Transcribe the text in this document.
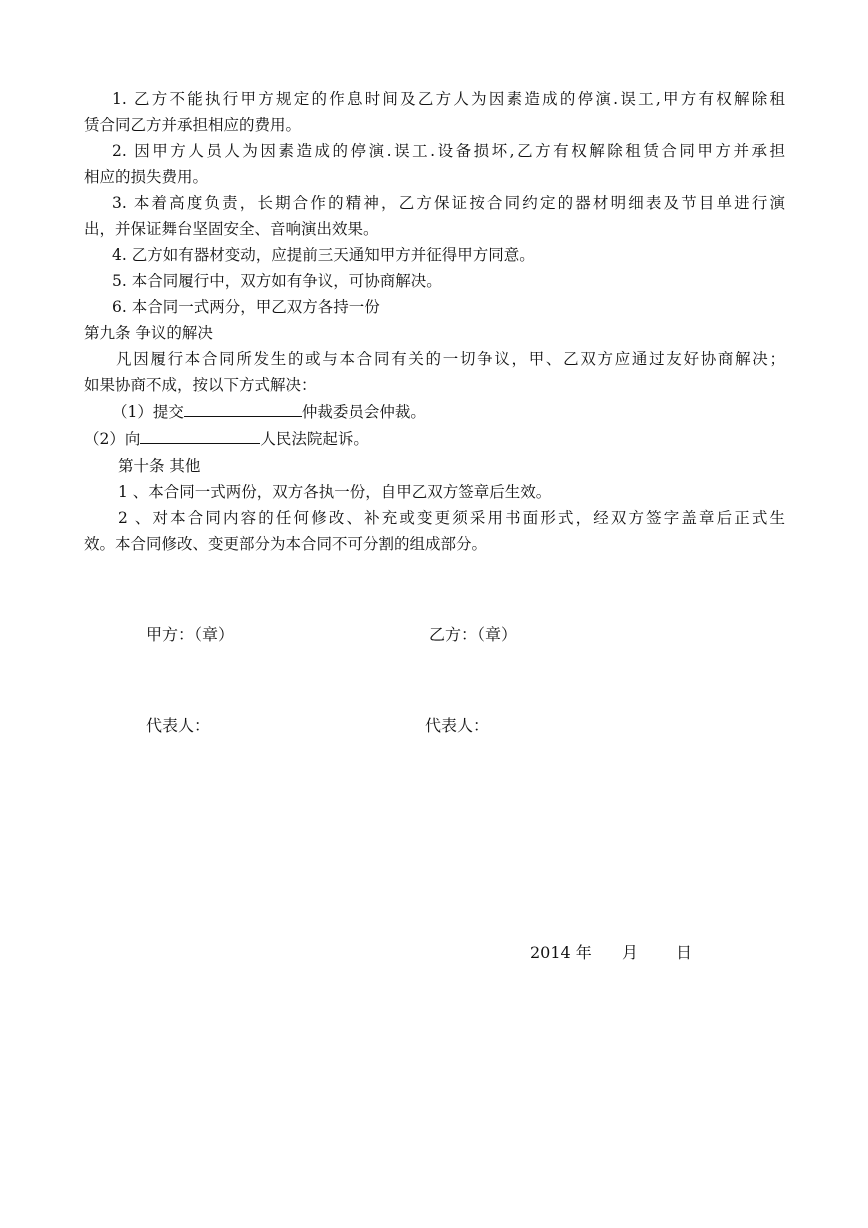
1. 乙方不能执行甲方规定的作息时间及乙方人为因素造成的停演.误工,甲方有权解除租
赁合同乙方并承担相应的费用。
2. 因甲方人员人为因素造成的停演.误工.设备损坏,乙方有权解除租赁合同甲方并承担
相应的损失费用。
3. 本着高度负责，长期合作的精神，乙方保证按合同约定的器材明细表及节目单进行演
出，并保证舞台坚固安全、音响演出效果。
4. 乙方如有器材变动，应提前三天通知甲方并征得甲方同意。
5. 本合同履行中，双方如有争议，可协商解决。
6. 本合同一式两分，甲乙双方各持一份
第九条 争议的解决
凡因履行本合同所发生的或与本合同有关的一切争议，甲、乙双方应通过友好协商解决；
如果协商不成，按以下方式解决：
（1）提交	仲裁委员会仲裁。
（2）向	人民法院起诉。
第十条 其他
1 、本合同一式两份，双方各执一份，自甲乙双方签章后生效。
2 、对本合同内容的任何修改、补充或变更须采用书面形式，经双方签字盖章后正式生
效。本合同修改、变更部分为本合同不可分割的组成部分。
甲方：（章）	乙方：（章）
代表人：	代表人：
2014 年 月 日
